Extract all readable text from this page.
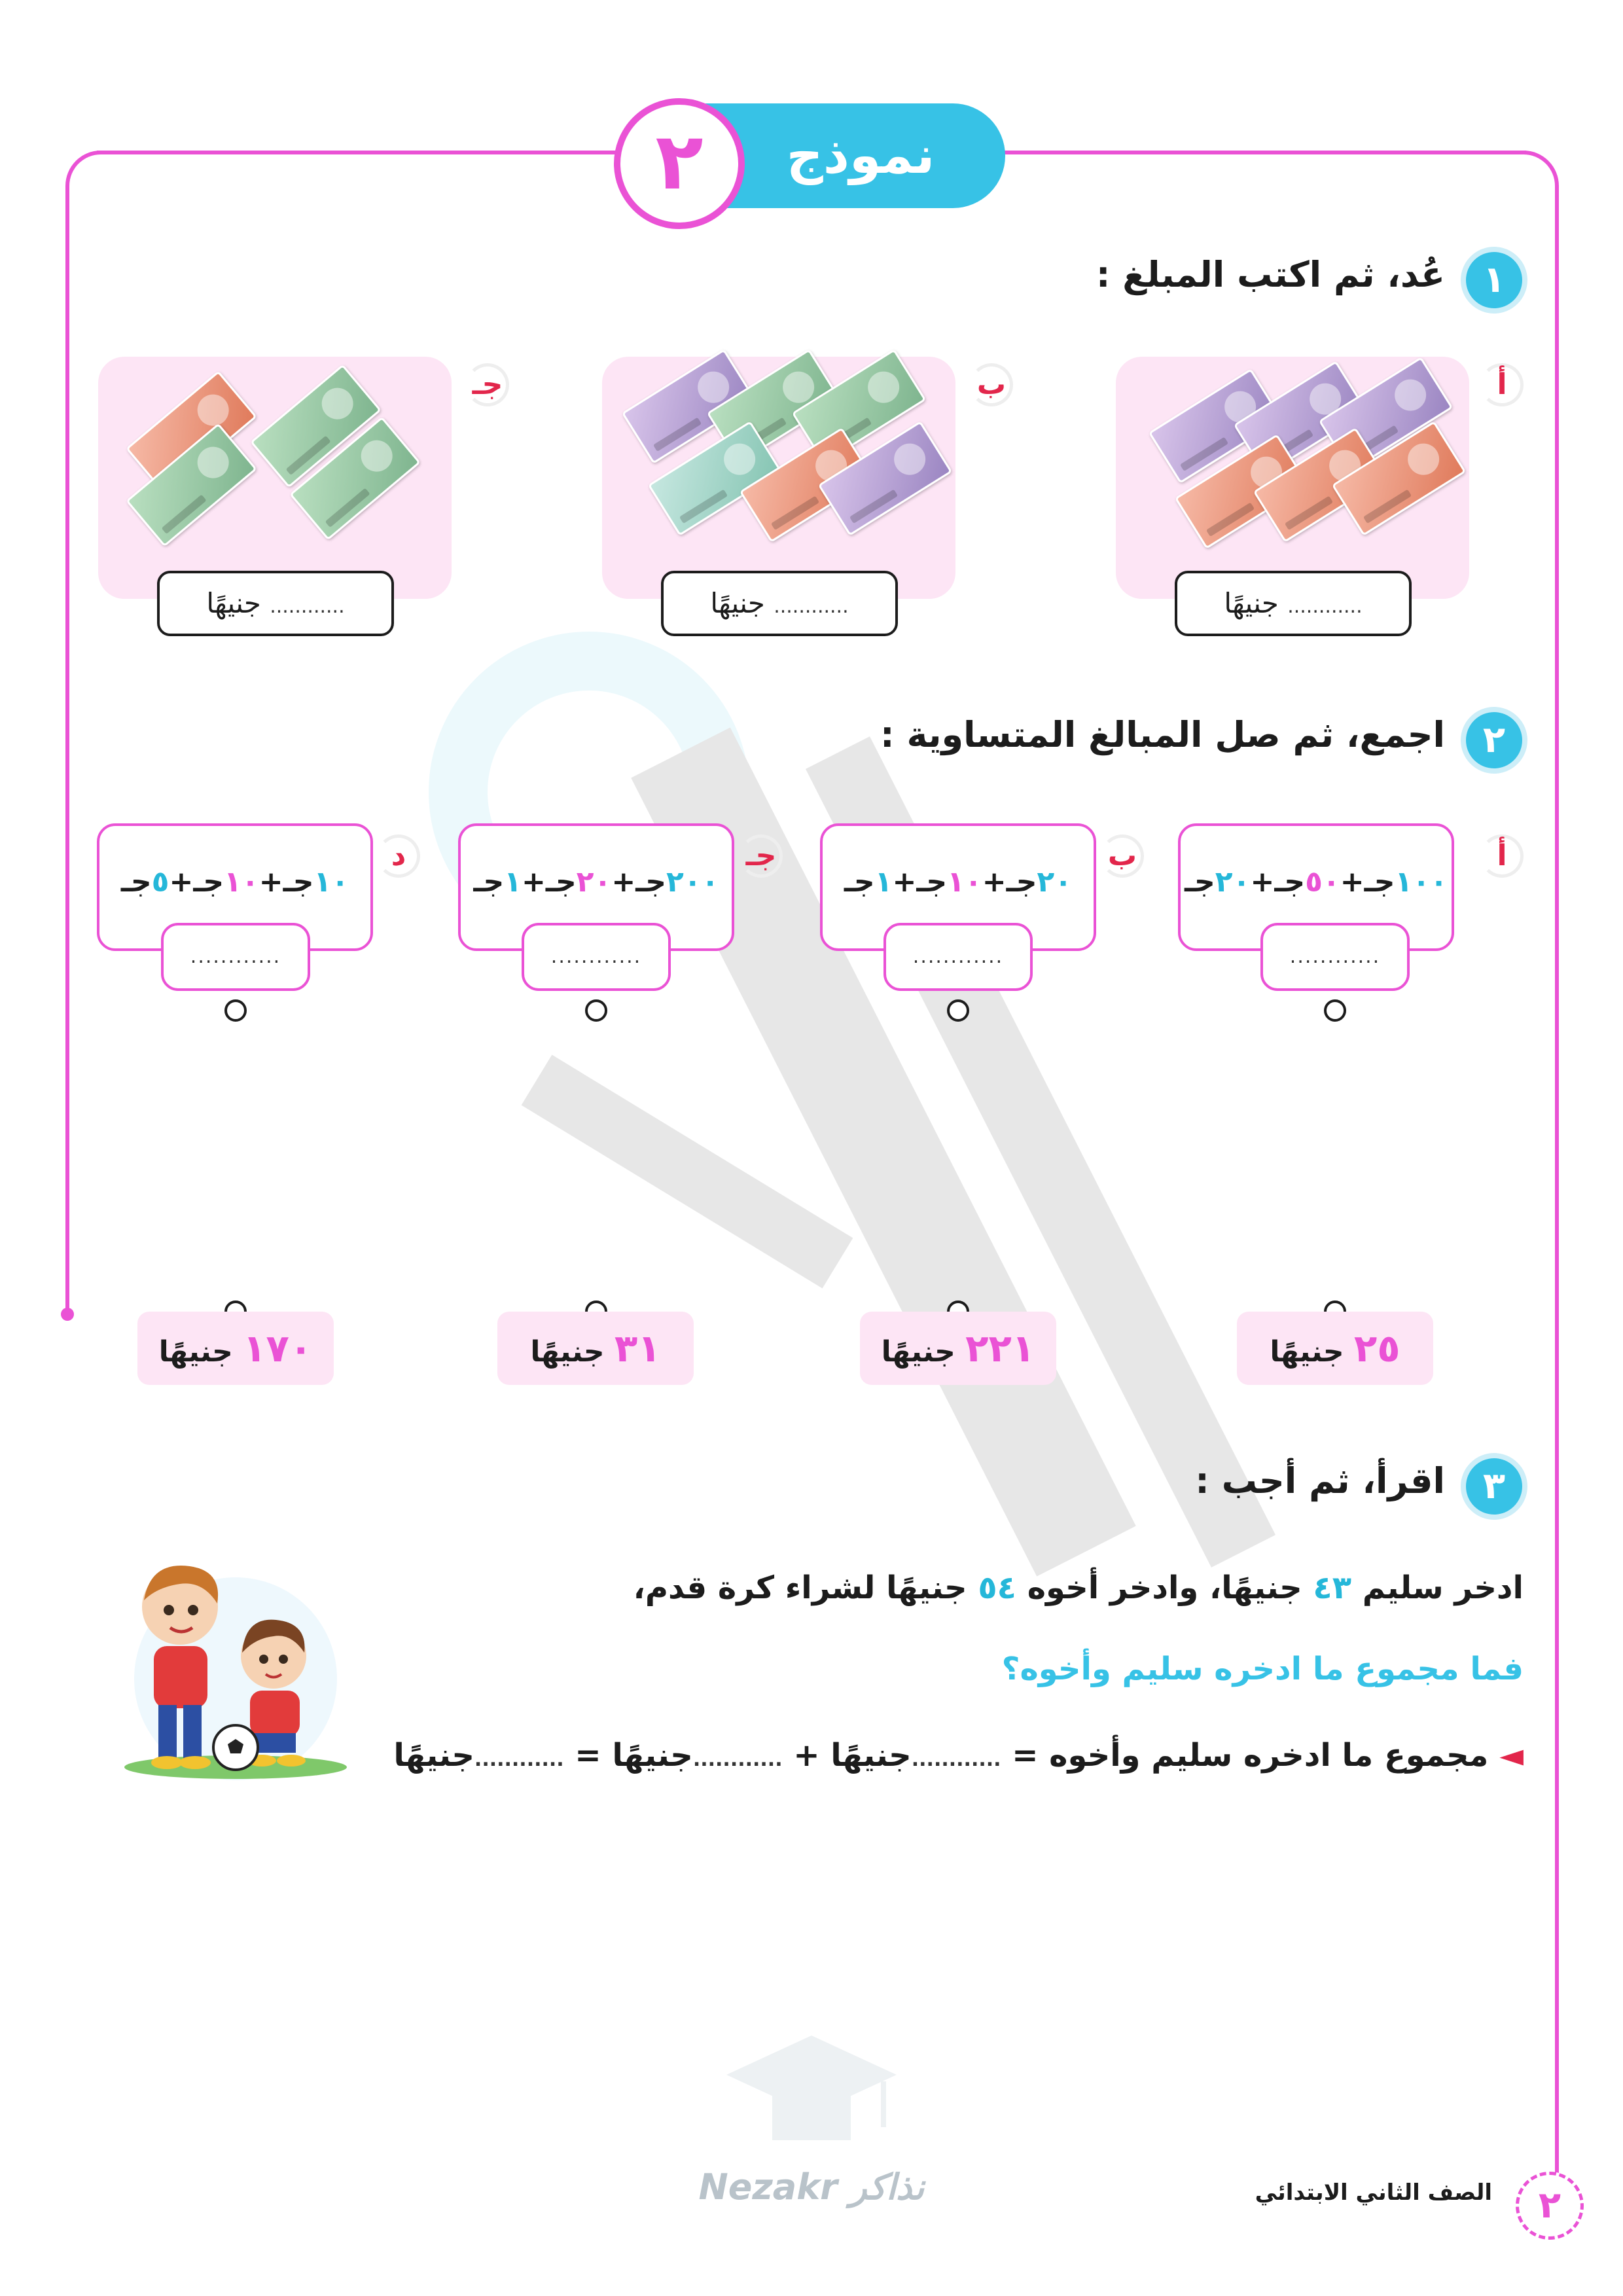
نموذج
٢
١
عُد، ثم اكتب المبلغ :
أ
............ جنيهًا
ب
............ جنيهًا
جـ
............ جنيهًا
٢
اجمع، ثم صل المبالغ المتساوية :
أ
١٠٠جـ+٥٠جـ+٢٠جـ
............
ب
٢٠جـ+١٠جـ+١جـ
............
جـ
٢٠٠جـ+٢٠جـ+١جـ
............
د
١٠جـ+١٠جـ+٥جـ
............
٢٥ جنيهًا
٢٢١ جنيهًا
٣١ جنيهًا
١٧٠ جنيهًا
٣
اقرأ، ثم أجب :
ادخر سليم ٤٣ جنيهًا، وادخر أخوه ٥٤ جنيهًا لشراء كرة قدم،
فما مجموع ما ادخره سليم وأخوه؟
◄ مجموع ما ادخره سليم وأخوه = ............جنيهًا + ............جنيهًا = ............جنيهًا
Nezakr نذاكر	الصف الثاني الابتدائي	٢
